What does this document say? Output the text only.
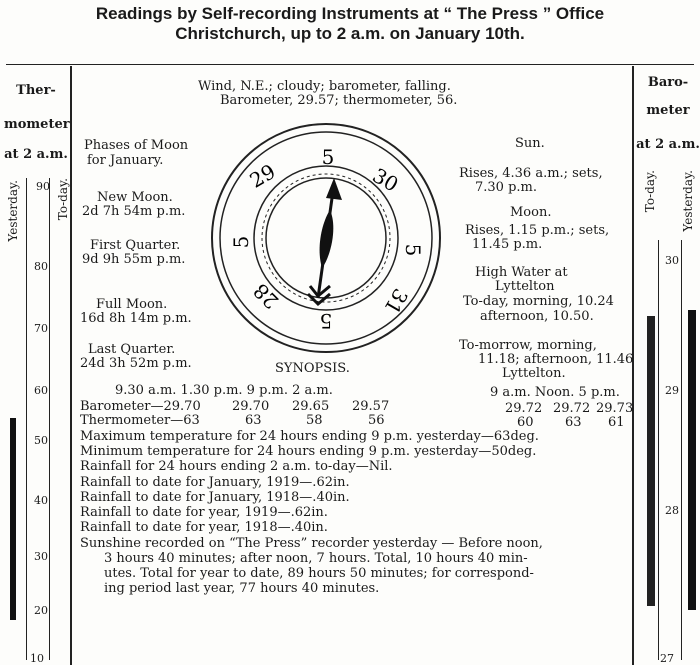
Readings by Self-recording Instruments at “ The Press ” Office
Christchurch, up to 2 a.m. on January 10th.
Ther-
mometer
at 2 a.m.
Yesterday.	To-day.
90
80
70
60
50
40
30
20
10
Baro-
meter
at 2 a.m.
To-day. Yesterday.
30
29
28
27
Wind, N.E.; cloudy; barometer, falling.
Barometer, 29.57; thermometer, 56.
Phases of Moon
for January.
New Moon.
2d 7h 54m p.m.
First Quarter.
9d 9h 55m p.m.
Full Moon.
16d 8h 14m p.m.
Last Quarter.
24d 3h 52m p.m.
5
29	30
5
31
5
28
5
Sun.
Rises, 4.36 a.m.; sets,
7.30 p.m.
Moon.
Rises, 1.15 p.m.; sets,
11.45 p.m.
High Water at
Lyttelton
To-day, morning, 10.24
afternoon, 10.50.
To-morrow, morning,
11.18; afternoon, 11.46
Lyttelton.
SYNOPSIS.
9.30 a.m. 1.30 p.m. 9 p.m. 2 a.m.	9 a.m. Noon. 5 p.m.
Barometer—29.70 29.70 29.65 29.57	29.72 29.72 29.73
Thermometer—63	63	58	56	60 63 61
Maximum temperature for 24 hours ending 9 p.m. yesterday—63deg.
Minimum temperature for 24 hours ending 9 p.m. yesterday—50deg.
Rainfall for 24 hours ending 2 a.m. to-day—Nil.
Rainfall to date for January, 1919—.62in.
Rainfall to date for January, 1918—.40in.
Rainfall to date for year, 1919—.62in.
Rainfall to date for year, 1918—.40in.
Sunshine recorded on “The Press” recorder yesterday — Before noon,
3 hours 40 minutes; after noon, 7 hours. Total, 10 hours 40 min-
utes. Total for year to date, 89 hours 50 minutes; for correspond-
ing period last year, 77 hours 40 minutes.
